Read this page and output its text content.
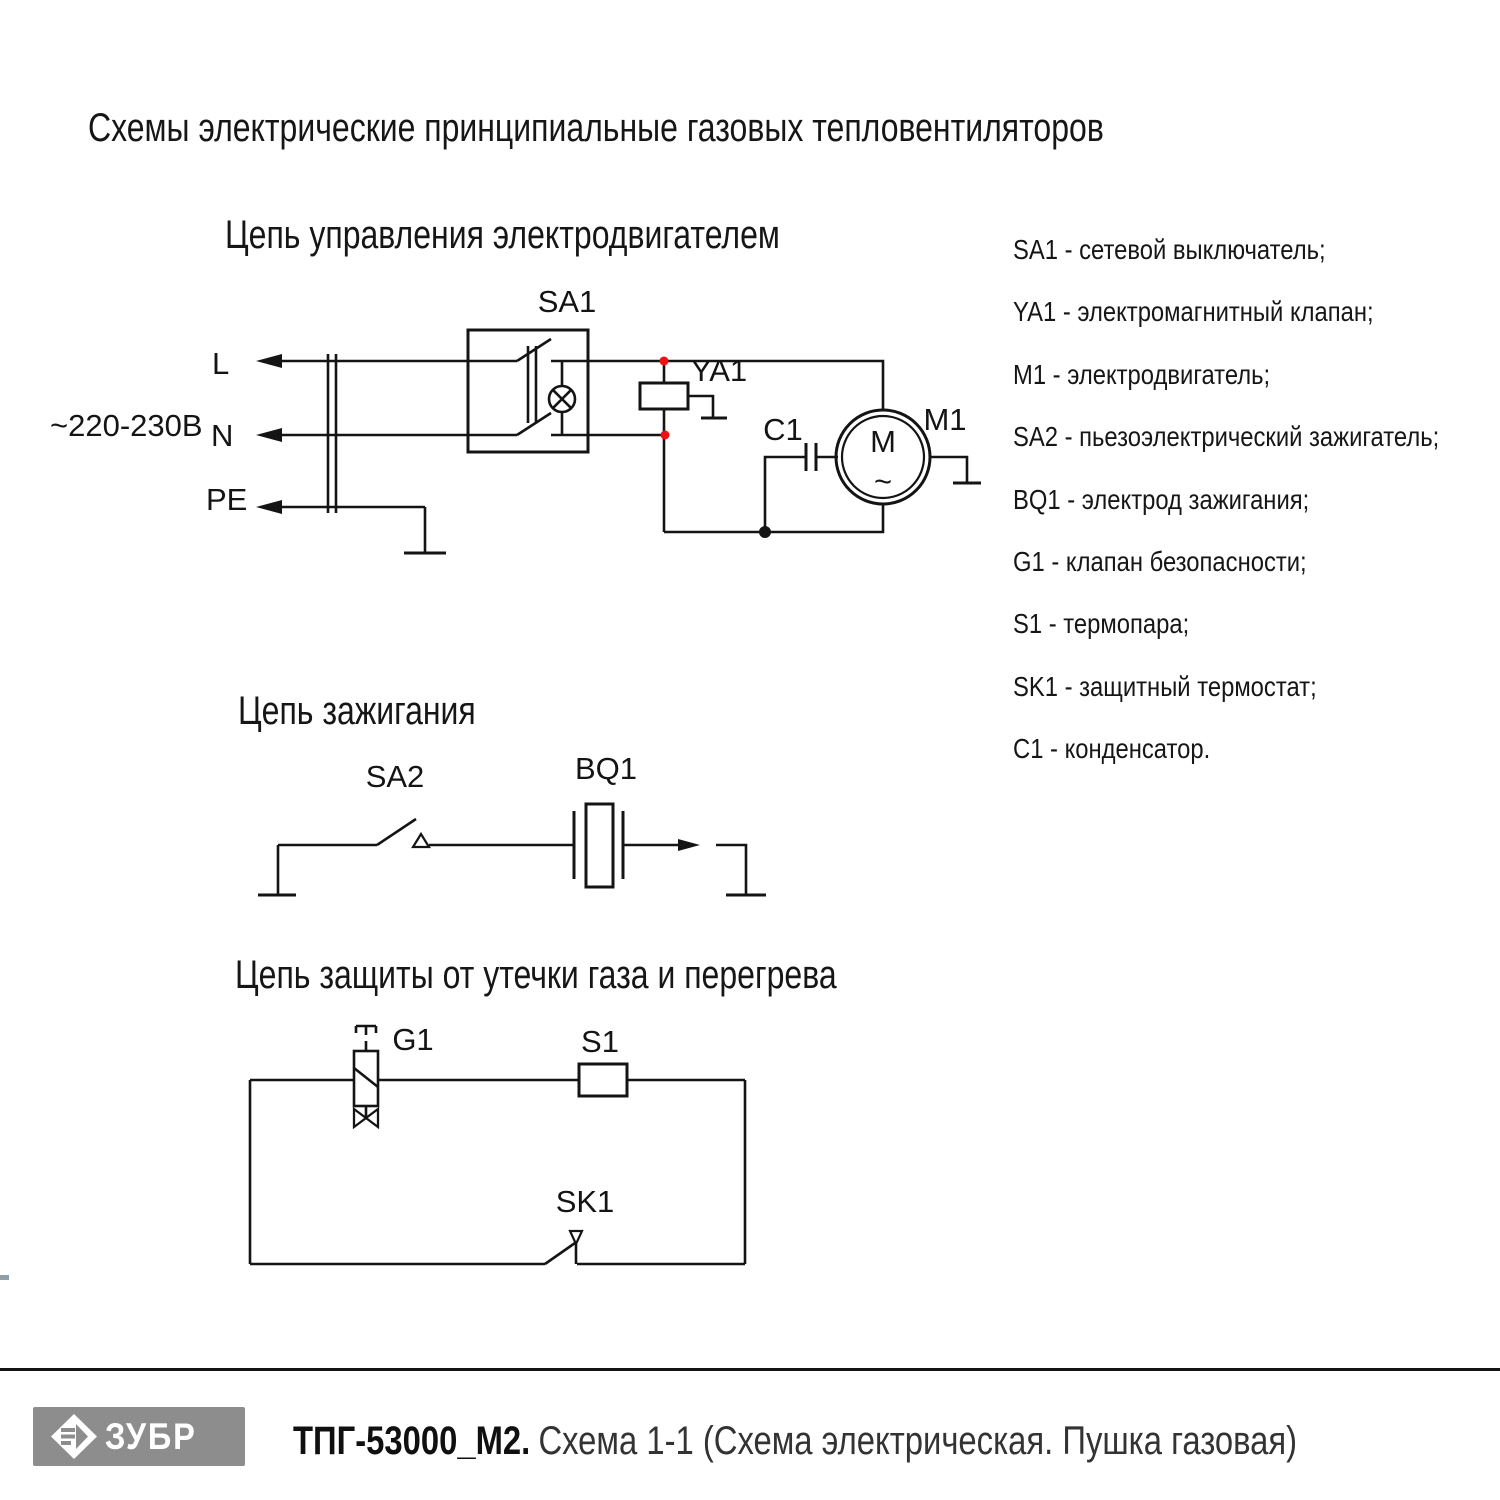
Схемы электрические принципиальные газовых тепловентиляторов
Цепь управления электродвигателем
~220-230В
L
N
PE
SA1
YA1
C1	M1
М
~
SA1 - сетевой выключатель;
YA1 - электромагнитный клапан;
M1 - электродвигатель;
SA2 - пьезоэлектрический зажигатель;
BQ1 - электрод зажигания;
G1 - клапан безопасности;
S1 - термопара;
SK1 - защитный термостат;
C1 - конденсатор.
Цепь зажигания
SA2	BQ1
Цепь защиты от утечки газа и перегрева
G1	S1
SK1
ЗУБР ТПГ-53000_М2. Схема 1-1 (Схема электрическая. Пушка газовая)
